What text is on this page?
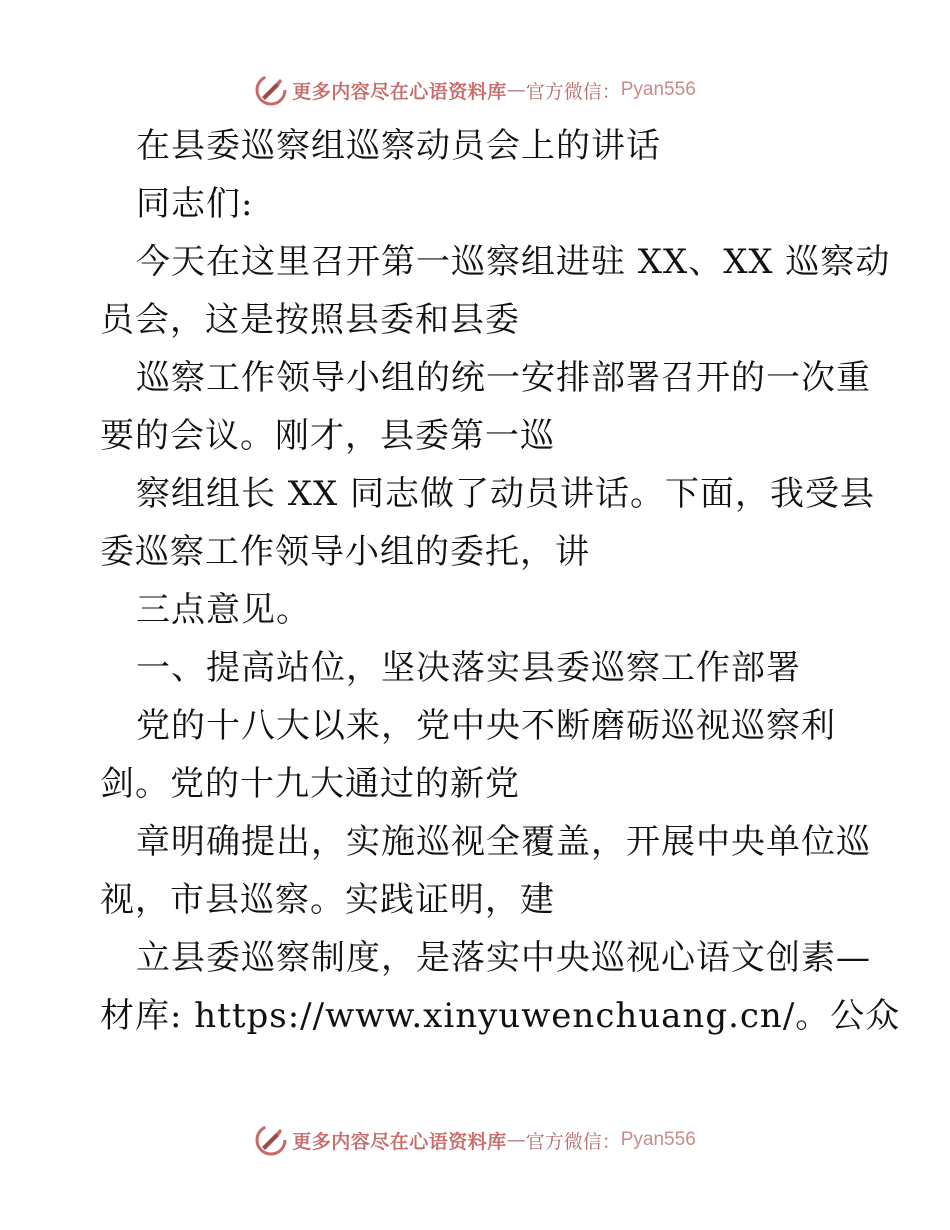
更多内容尽在心语资料库 — 官方微信： Pyan556
在县委巡察组巡察动员会上的讲话
同志们:
今天在这里召开第一巡察组进驻 XX、XX 巡察动
员会，这是按照县委和县委
巡察工作领导小组的统一安排部署召开的一次重
要的会议。刚才，县委第一巡
察组组长 XX 同志做了动员讲话。下面，我受县
委巡察工作领导小组的委托，讲
三点意见。
一、提高站位，坚决落实县委巡察工作部署
党的十八大以来，党中央不断磨砺巡视巡察利
剑。党的十九大通过的新党
章明确提出，实施巡视全覆盖，开展中央单位巡
视，市县巡察。实践证明，建
立县委巡察制度，是落实中央巡视心语文创素—
材库: https://www.xinyuwenchuang.cn/。公众
更多内容尽在心语资料库 — 官方微信： Pyan556
